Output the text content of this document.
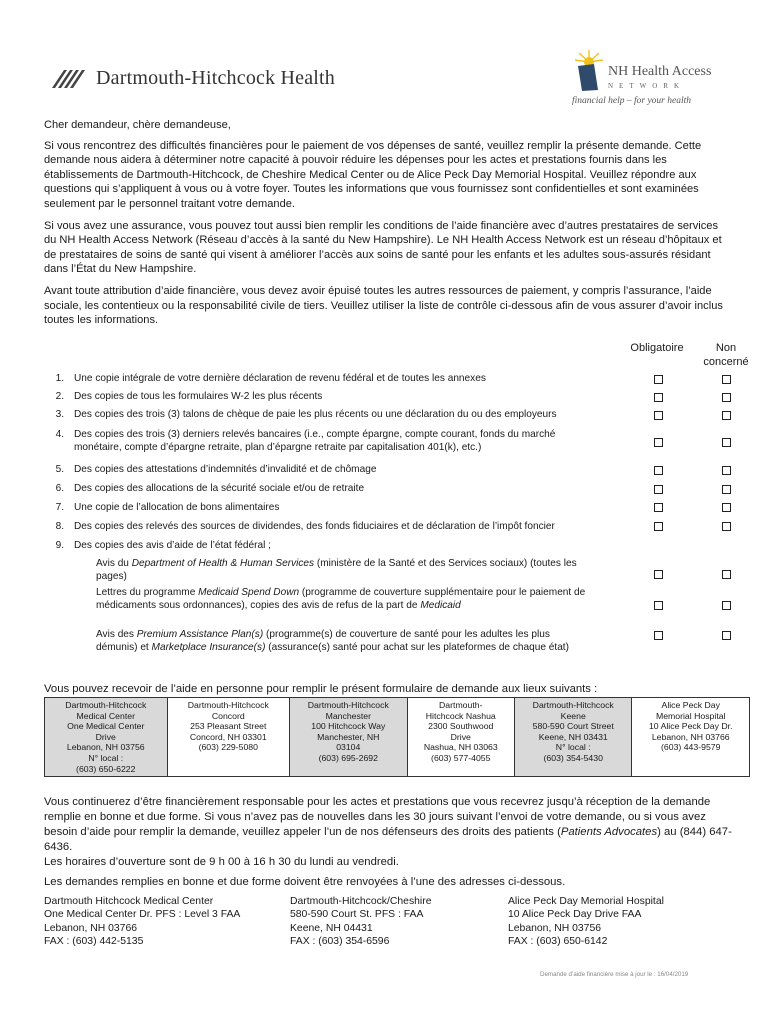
Dartmouth-Hitchcock Health	NH Health Access
NETWORK
financial help – for your health

Cher demandeur, chère demandeuse,

Si vous rencontrez des difficultés financières pour le paiement de vos dépenses de santé, veuillez remplir la présente demande. Cette demande nous aidera à déterminer notre capacité à pouvoir réduire les dépenses pour les actes et prestations fournis dans les établissements de Dartmouth-Hitchcock, de Cheshire Medical Center ou de Alice Peck Day Memorial Hospital. Veuillez répondre aux questions qui s’appliquent à vous ou à votre foyer. Toutes les informations que vous fournissez sont confidentielles et sont examinées seulement par le personnel traitant votre demande.

Si vous avez une assurance, vous pouvez tout aussi bien remplir les conditions de l’aide financière avec d’autres prestataires de services du NH Health Access Network (Réseau d’accès à la santé du New Hampshire). Le NH Health Access Network est un réseau d’hôpitaux et de prestataires de soins de santé qui visent à améliorer l’accès aux soins de santé pour les enfants et les adultes sous-assurés résidant dans l’État du New Hampshire.

Avant toute attribution d’aide financière, vous devez avoir épuisé toutes les autres ressources de paiement, y compris l’assurance, l’aide sociale, les contentieux ou la responsabilité civile de tiers. Veuillez utiliser la liste de contrôle ci-dessous afin de vous assurer d’avoir inclus toutes les informations.

Obligatoire	Non
concerné
1. Une copie intégrale de votre dernière déclaration de revenu fédéral et de toutes les annexes
2. Des copies de tous les formulaires W-2 les plus récents
3. Des copies des trois (3) talons de chèque de paie les plus récents ou une déclaration du ou des employeurs
4. Des copies des trois (3) derniers relevés bancaires (i.e., compte épargne, compte courant, fonds du marché monétaire, compte d’épargne retraite, plan d’épargne retraite par capitalisation 401(k), etc.)
5. Des copies des attestations d’indemnités d’invalidité et de chômage
6. Des copies des allocations de la sécurité sociale et/ou de retraite
7. Une copie de l’allocation de bons alimentaires
8. Des copies des relevés des sources de dividendes, des fonds fiduciaires et de déclaration de l’impôt foncier
9. Des copies des avis d’aide de l’état fédéral ;
Avis du Department of Health & Human Services (ministère de la Santé et des Services sociaux) (toutes les pages)
Lettres du programme Medicaid Spend Down (programme de couverture supplémentaire pour le paiement de médicaments sous ordonnances), copies des avis de refus de la part de Medicaid
Avis des Premium Assistance Plan(s) (programme(s) de couverture de santé pour les adultes les plus démunis) et Marketplace Insurance(s) (assurance(s) santé pour achat sur les plateformes de chaque état)
Vous pouvez recevoir de l’aide en personne pour remplir le présent formulaire de demande aux lieux suivants :
Dartmouth-Hitchcock
Medical Center
One Medical Center
Drive
Lebanon, NH 03756
N° local :
(603) 650-6222

Dartmouth-Hitchcock
Concord
253 Pleasant Street
Concord, NH 03301
(603) 229-5080

Dartmouth-Hitchcock
Manchester
100 Hitchcock Way
Manchester, NH
03104
(603) 695-2692

Dartmouth-
Hitchcock Nashua
2300 Southwood
Drive
Nashua, NH 03063
(603) 577-4055

Dartmouth-Hitchcock
Keene
580-590 Court Street
Keene, NH 03431
N° local :
(603) 354-5430

Alice Peck Day
Memorial Hospital
10 Alice Peck Day Dr.
Lebanon, NH 03766
(603) 443-9579
Vous continuerez d’être financièrement responsable pour les actes et prestations que vous recevrez jusqu’à réception de la demande remplie en bonne et due forme. Si vous n’avez pas de nouvelles dans les 30 jours suivant l’envoi de votre demande, ou si vous avez besoin d’aide pour remplir la demande, veuillez appeler l’un de nos défenseurs des droits des patients (Patients Advocates) au (844) 647-6436.
Les horaires d’ouverture sont de 9 h 00 à 16 h 30 du lundi au vendredi.
Les demandes remplies en bonne et due forme doivent être renvoyées à l’une des adresses ci-dessous.
Dartmouth Hitchcock Medical Center
One Medical Center Dr. PFS : Level 3 FAA
Lebanon, NH 03766
FAX : (603) 442-5135
Dartmouth-Hitchcock/Cheshire
580-590 Court St. PFS : FAA
Keene, NH 04431
FAX : (603) 354-6596
Alice Peck Day Memorial Hospital
10 Alice Peck Day Drive FAA
Lebanon, NH 03756
FAX : (603) 650-6142
Demande d’aide financière mise à jour le : 16/04/2019
